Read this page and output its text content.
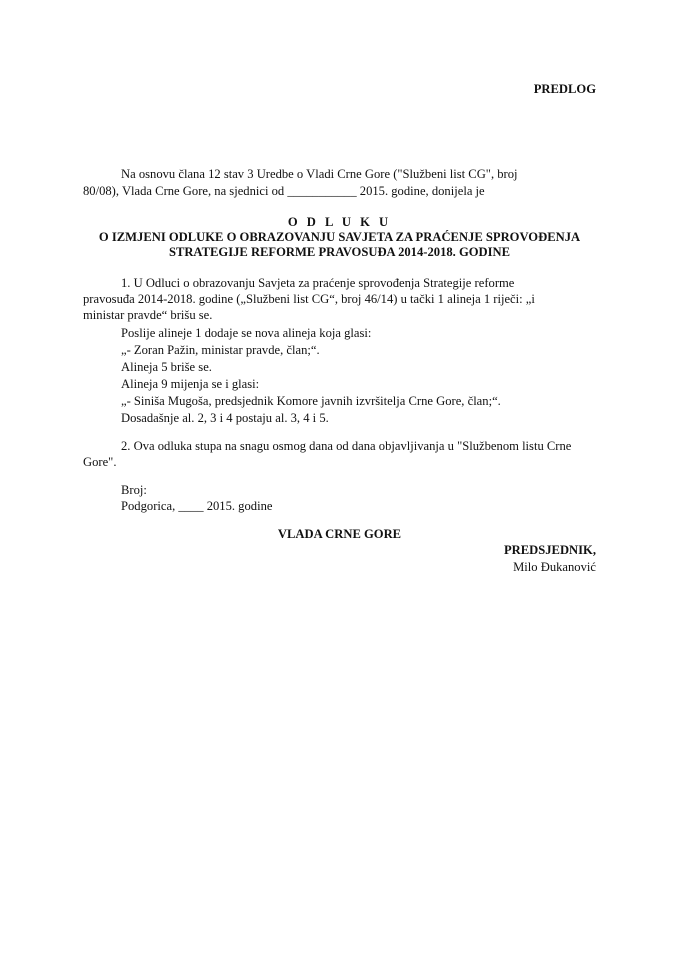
PREDLOG
Na osnovu člana 12 stav 3 Uredbe o Vladi Crne Gore ("Službeni list CG", broj
80/08), Vlada Crne Gore, na sjednici od ___________ 2015. godine, donijela je
O D L U K U
O IZMJENI ODLUKE O OBRAZOVANJU SAVJETA ZA PRAĆENJE SPROVOĐENJA
STRATEGIJE REFORME PRAVOSUĐA 2014-2018. GODINE
1. U Odluci o obrazovanju Savjeta za praćenje sprovođenja Strategije reforme
pravosuđa 2014-2018. godine („Službeni list CG“, broj 46/14) u tački 1 alineja 1 riječi: „i
ministar pravde“ brišu se.
Poslije alineje 1 dodaje se nova alineja koja glasi:
„- Zoran Pažin, ministar pravde, član;“.
Alineja 5 briše se.
Alineja 9 mijenja se i glasi:
„- Siniša Mugoša, predsjednik Komore javnih izvršitelja Crne Gore, član;“.
Dosadašnje al. 2, 3 i 4 postaju al. 3, 4 i 5.
2. Ova odluka stupa na snagu osmog dana od dana objavljivanja u "Službenom listu Crne
Gore".
Broj:
Podgorica, ____ 2015. godine
VLADA CRNE GORE
PREDSJEDNIK,
Milo Đukanović
